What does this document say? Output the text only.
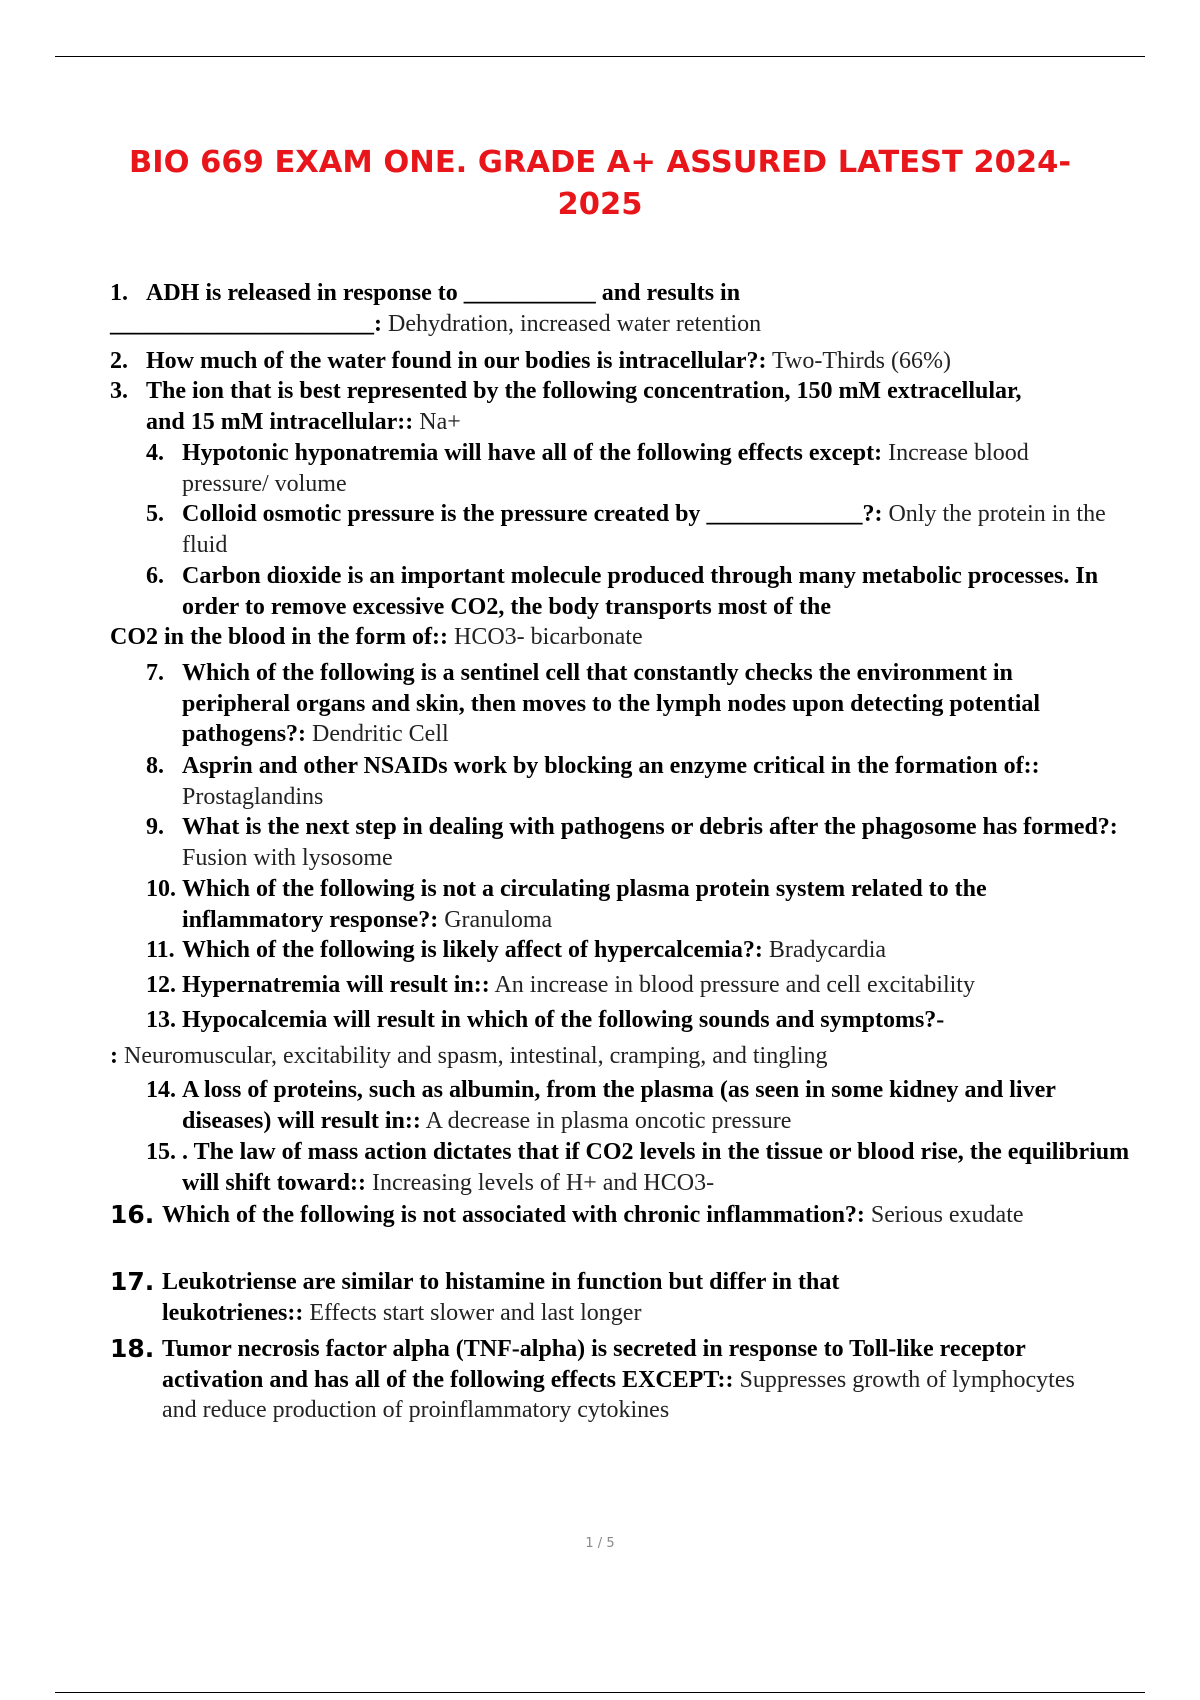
BIO 669 EXAM ONE. GRADE A+ ASSURED LATEST 2024-2025
1. ADH is released in response to ___________ and results in
______________________: Dehydration, increased water retention
2. How much of the water found in our bodies is intracellular?: Two-Thirds (66%)
3. The ion that is best represented by the following concentration, 150 mM extracellular, and 15 mM intracellular:: Na+
4. Hypotonic hyponatremia will have all of the following effects except: Increase blood pressure/ volume
5. Colloid osmotic pressure is the pressure created by _____________?: Only the protein in the fluid
6. Carbon dioxide is an important molecule produced through many metabolic processes. In order to remove excessive CO2, the body transports most of the
CO2 in the blood in the form of:: HCO3- bicarbonate
7. Which of the following is a sentinel cell that constantly checks the environment in peripheral organs and skin, then moves to the lymph nodes upon detecting potential pathogens?: Dendritic Cell
8. Asprin and other NSAIDs work by blocking an enzyme critical in the formation of:: Prostaglandins
9. What is the next step in dealing with pathogens or debris after the phagosome has formed?: Fusion with lysosome
10. Which of the following is not a circulating plasma protein system related to the inflammatory response?: Granuloma
11. Which of the following is likely affect of hypercalcemia?: Bradycardia
12. Hypernatremia will result in:: An increase in blood pressure and cell excitability
13. Hypocalcemia will result in which of the following sounds and symptoms?-
: Neuromuscular, excitability and spasm, intestinal, cramping, and tingling
14. A loss of proteins, such as albumin, from the plasma (as seen in some kidney and liver diseases) will result in:: A decrease in plasma oncotic pressure
15. . The law of mass action dictates that if CO2 levels in the tissue or blood rise, the equilibrium will shift toward:: Increasing levels of H+ and HCO3-
16. Which of the following is not associated with chronic inflammation?: Serious exudate
17. Leukotriense are similar to histamine in function but differ in that leukotrienes:: Effects start slower and last longer
18. Tumor necrosis factor alpha (TNF-alpha) is secreted in response to Toll-like receptor activation and has all of the following effects EXCEPT:: Suppresses growth of lymphocytes and reduce production of proinflammatory cytokines
1 / 5
